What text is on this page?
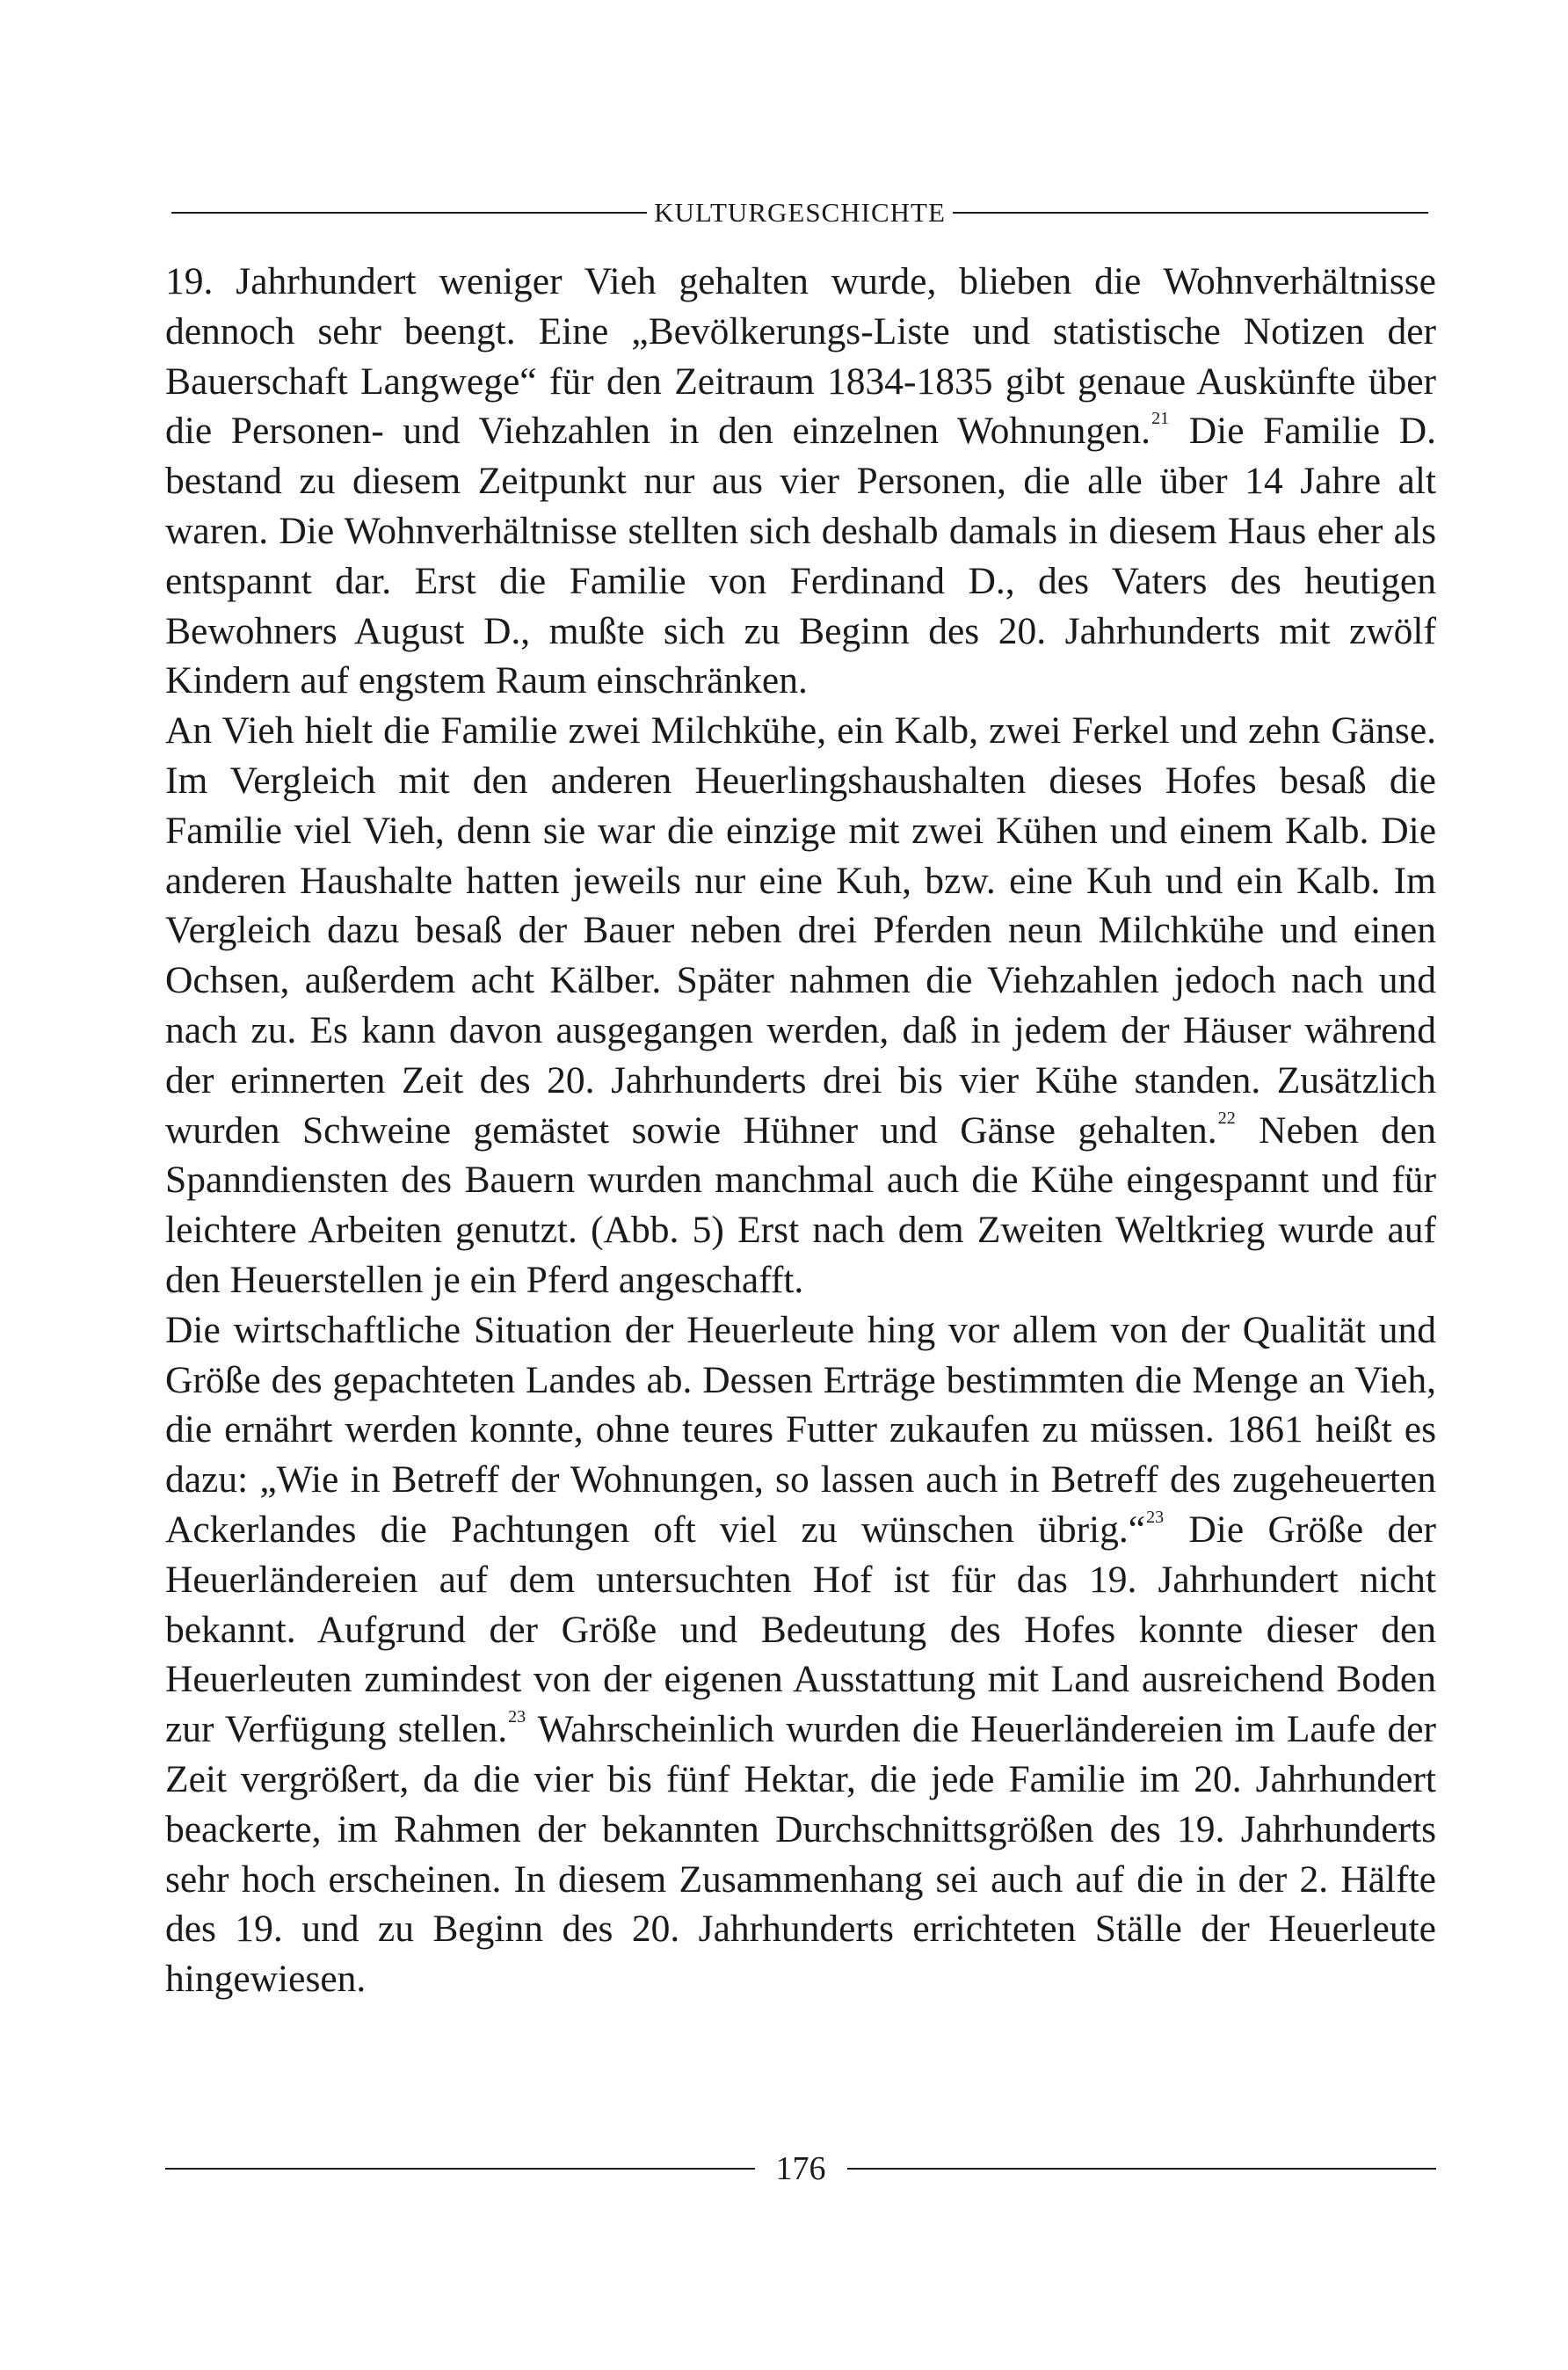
KULTURGESCHICHTE

19. Jahrhundert weniger Vieh gehalten wurde, blieben die Wohnverhältnisse dennoch sehr beengt. Eine „Bevölkerungs-Liste und statistische Notizen der Bauerschaft Langwege“ für den Zeitraum 1834-1835 gibt genaue Auskünfte über die Personen- und Viehzahlen in den einzelnen Wohnungen.$^{21}$ Die Familie D. bestand zu diesem Zeitpunkt nur aus vier Personen, die alle über 14 Jahre alt waren. Die Wohnverhältnisse stellten sich deshalb damals in diesem Haus eher als entspannt dar. Erst die Familie von Ferdinand D., des Vaters des heutigen Bewohners August D., mußte sich zu Beginn des 20. Jahrhunderts mit zwölf Kindern auf engstem Raum einschränken.

An Vieh hielt die Familie zwei Milchkühe, ein Kalb, zwei Ferkel und zehn Gänse. Im Vergleich mit den anderen Heuerlingshaushalten dieses Hofes besaß die Familie viel Vieh, denn sie war die einzige mit zwei Kühen und einem Kalb. Die anderen Haushalte hatten jeweils nur eine Kuh, bzw. eine Kuh und ein Kalb. Im Vergleich dazu besaß der Bauer neben drei Pferden neun Milchkühe und einen Ochsen, außerdem acht Kälber. Später nahmen die Viehzahlen jedoch nach und nach zu. Es kann davon ausgegangen werden, daß in jedem der Häuser während der erinnerten Zeit des 20. Jahrhunderts drei bis vier Kühe standen. Zusätzlich wurden Schweine gemästet sowie Hühner und Gänse gehalten.$^{22}$ Neben den Spanndiensten des Bauern wurden manchmal auch die Kühe eingespannt und für leichtere Arbeiten genutzt. (Abb. 5) Erst nach dem Zweiten Weltkrieg wurde auf den Heuerstellen je ein Pferd angeschafft.

Die wirtschaftliche Situation der Heuerleute hing vor allem von der Qualität und Größe des gepachteten Landes ab. Dessen Erträge bestimmten die Menge an Vieh, die ernährt werden konnte, ohne teures Futter zukaufen zu müssen. 1861 heißt es dazu: „Wie in Betreff der Wohnungen, so lassen auch in Betreff des zugeheuerten Ackerlandes die Pachtungen oft viel zu wünschen übrig.“$^{23}$ Die Größe der Heuerländereien auf dem untersuchten Hof ist für das 19. Jahrhundert nicht bekannt. Aufgrund der Größe und Bedeutung des Hofes konnte dieser den Heuerleuten zumindest von der eigenen Ausstattung mit Land ausreichend Boden zur Verfügung stellen.$^{23}$ Wahrscheinlich wurden die Heuerländereien im Laufe der Zeit vergrößert, da die vier bis fünf Hektar, die jede Familie im 20. Jahrhundert beackerte, im Rahmen der bekannten Durchschnittsgrößen des 19. Jahrhunderts sehr hoch erscheinen. In diesem Zusammenhang sei auch auf die in der 2. Hälfte des 19. und zu Beginn des 20. Jahrhunderts errichteten Ställe der Heuerleute hingewiesen.

176
